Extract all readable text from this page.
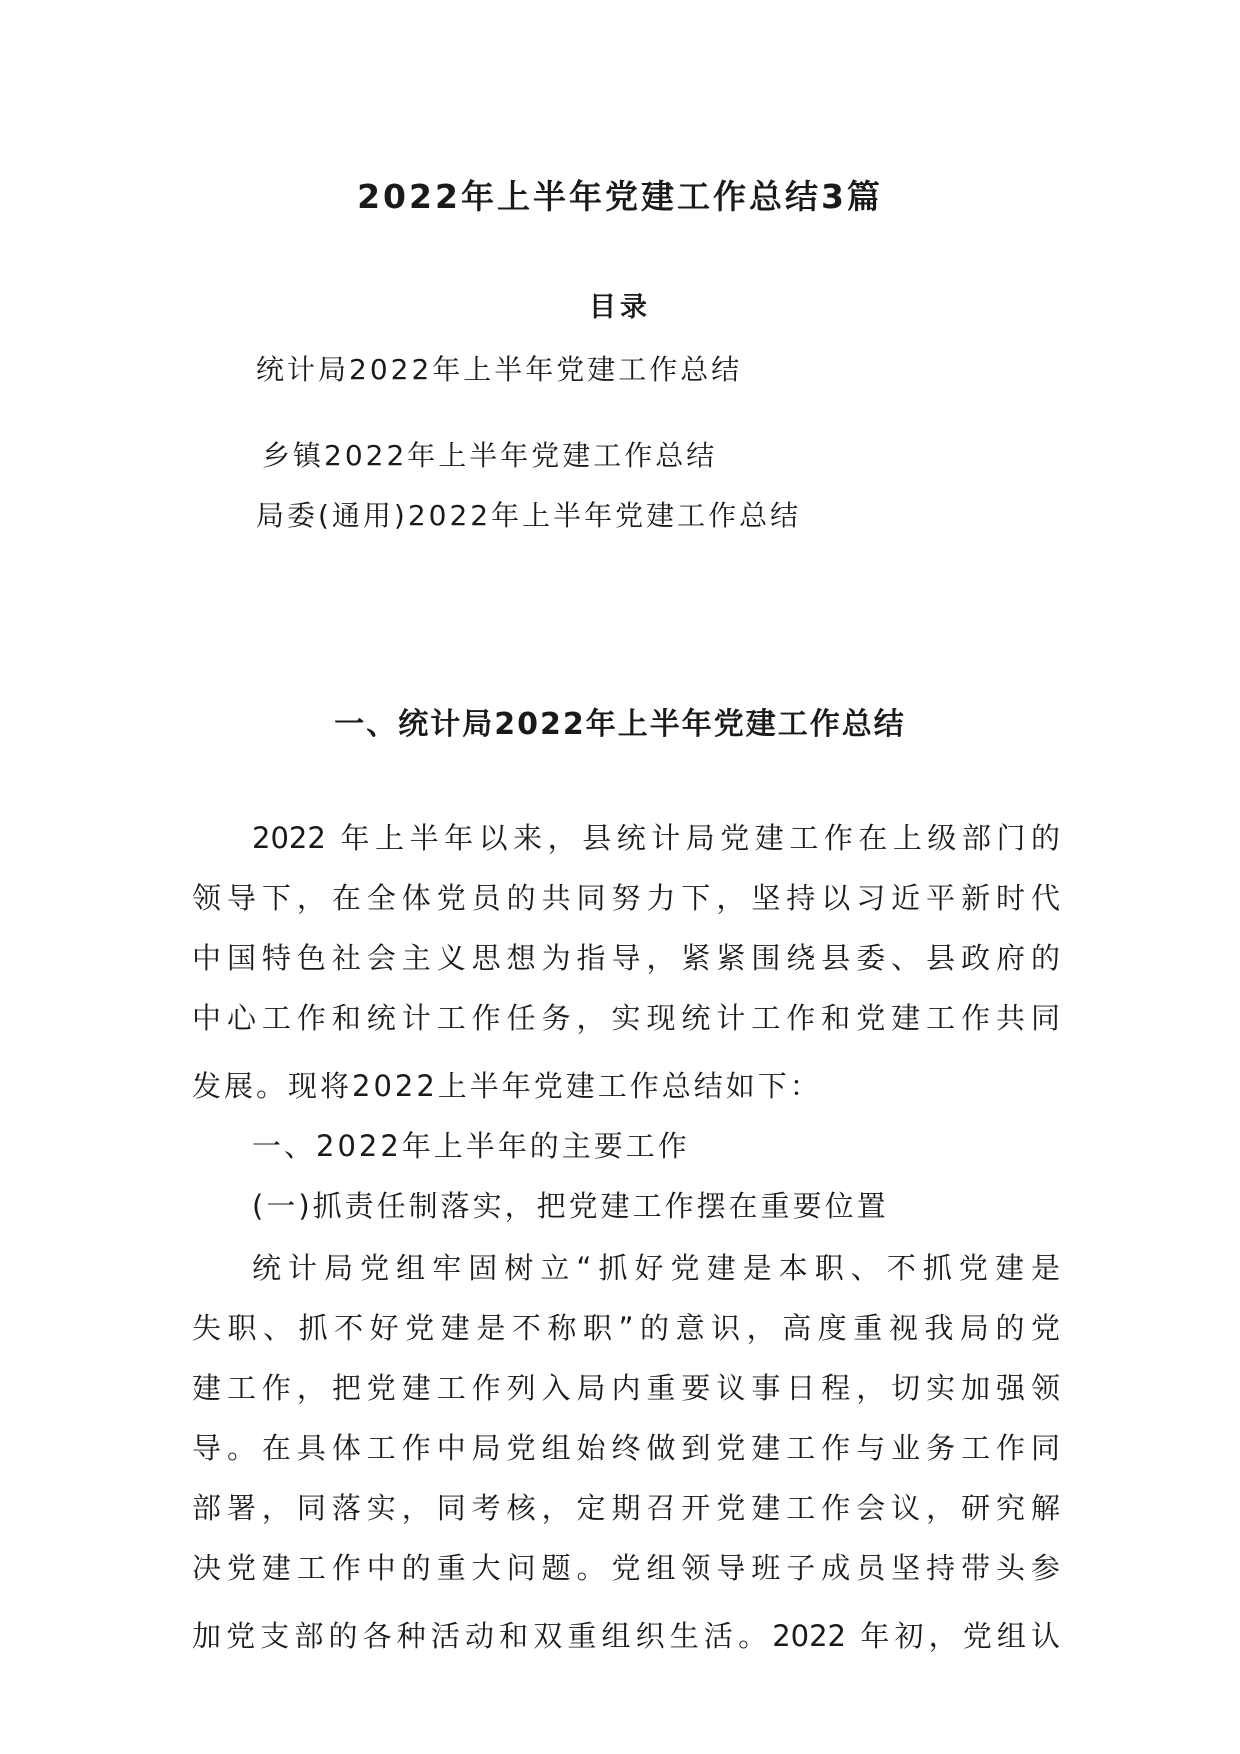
2022年上半年党建工作总结3篇
目录
统计局2022年上半年党建工作总结
乡镇2022年上半年党建工作总结
局委(通用)2022年上半年党建工作总结
一、统计局2022年上半年党建工作总结
2022 年上半年以来，县统计局党建工作在上级部门的
领导下，在全体党员的共同努力下，坚持以习近平新时代
中国特色社会主义思想为指导，紧紧围绕县委、县政府的
中心工作和统计工作任务，实现统计工作和党建工作共同
发展。现将2022上半年党建工作总结如下：
一、2022年上半年的主要工作
(一)抓责任制落实，把党建工作摆在重要位置
统计局党组牢固树立“抓好党建是本职、不抓党建是
失职、抓不好党建是不称职”的意识，高度重视我局的党
建工作，把党建工作列入局内重要议事日程，切实加强领
导。在具体工作中局党组始终做到党建工作与业务工作同
部署，同落实，同考核，定期召开党建工作会议，研究解
决党建工作中的重大问题。党组领导班子成员坚持带头参
加党支部的各种活动和双重组织生活。2022 年初，党组认
